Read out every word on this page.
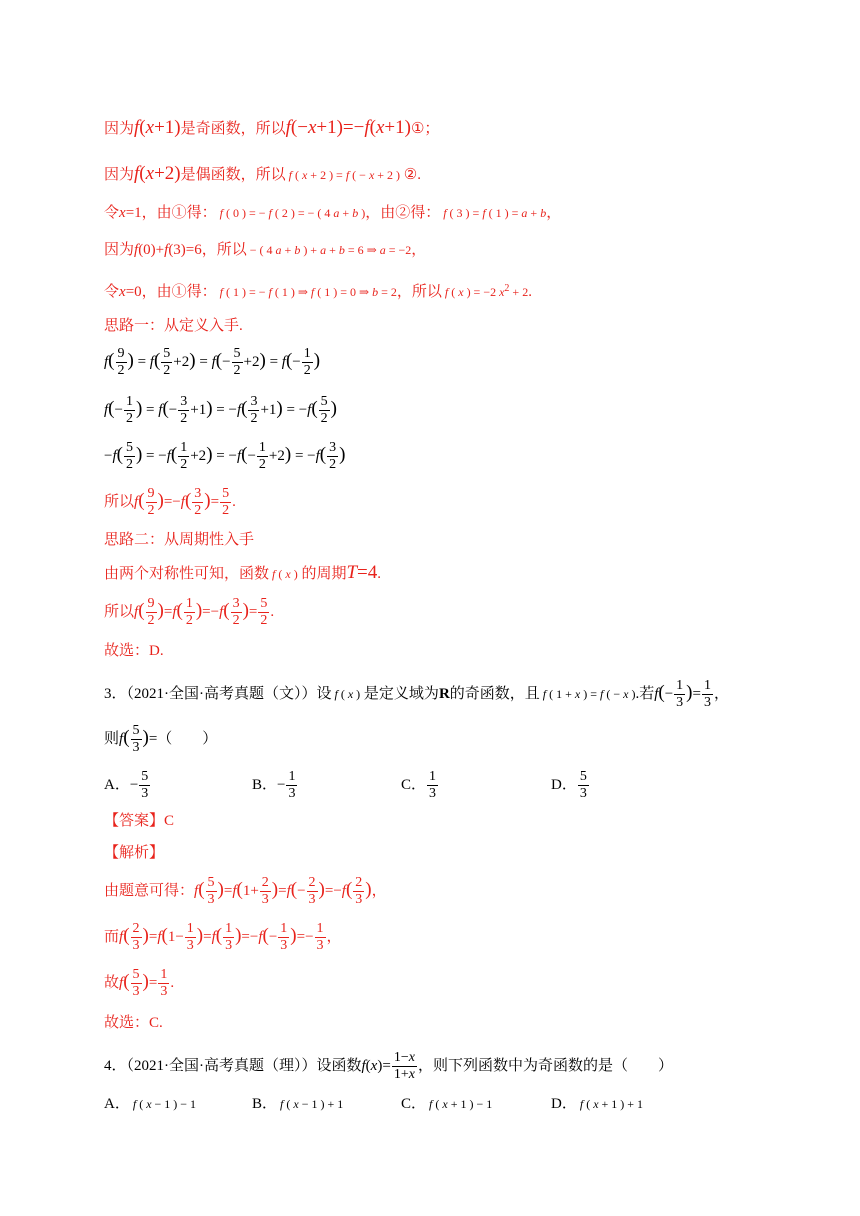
因为f(x+1)是奇函数，所以f(−x+1)=−f(x+1)①；
因为f(x+2)是偶函数，所以 f ( x + 2 ) = f ( − x + 2 ) ②.
令x=1，由①得： f ( 0 ) = − f ( 2 ) = − ( 4 a + b )，由②得： f ( 3 ) = f ( 1 ) = a + b，
因为f(0)+f(3)=6，所以 − ( 4 a + b ) + a + b = 6 ⇒ a = −2，
令x=0，由①得： f ( 1 ) = − f ( 1 ) ⇒ f ( 1 ) = 0 ⇒ b = 2，所以 f ( x ) = −2 $x^2 + 2$.
思路一：从定义入手.
$f( \frac{9}{2}$ ) = $f( \frac{5}{2} +2) = f(- \frac{5}{2} +2) = f(- \frac{1}{2}$ )
$f(- \frac{1}{2}$ ) = $f(- \frac{3}{2} +1) = -f( \frac{3}{2} +1) = -f( \frac{5}{2}$ )
$-f( \frac{5}{2}$ ) = $-f( \frac{1}{2} +2) = -f(- \frac{1}{2} +2) = -f( \frac{3}{2}$ )
所以$f( \frac{9}{2} )=-f( \frac{3}{2}$ )= $\frac{5}{2}$ .
思路二：从周期性入手
由两个对称性可知，函数 f ( x ) 的周期T=4.
所以$f( \frac{9}{2} )=f( \frac{1}{2} )=-f( \frac{3}{2}$ )= $\frac{5}{2}$ .
故选：D.
3．（2021·全国·高考真题（文））设 f ( x ) 是定义域为R的奇函数，且 f ( 1 + x ) = f ( − x ).若$f(- \frac{1}{3}$ )= $\frac{1}{3}$ ，
则$f( \frac{5}{3}$ )=（　　）
A．− $\frac{5}{3}$	B．− $\frac{1}{3}$	C． $\frac{1}{3}$	D． $\frac{5}{3}$
【答案】C
【解析】
由题意可得：$f( \frac{5}{3} )=f(1+ \frac{2}{3} )=f(- \frac{2}{3} )=-f( \frac{2}{3}$ )，
而$f( \frac{2}{3} )=f(1- \frac{1}{3} )=f( \frac{1}{3} )=-f(- \frac{1}{3}$ )=− $\frac{1}{3}$ ，
故$f( \frac{5}{3}$ )= $\frac{1}{3}$ .
故选：C.
4．（2021·全国·高考真题（理））设函数$f(x)= \frac{1-x}{1+x}$ ，则下列函数中为奇函数的是（　　）
A． f ( x − 1 ) − 1	B． f ( x − 1 ) + 1	C． f ( x + 1 ) − 1	D． f ( x + 1 ) + 1
